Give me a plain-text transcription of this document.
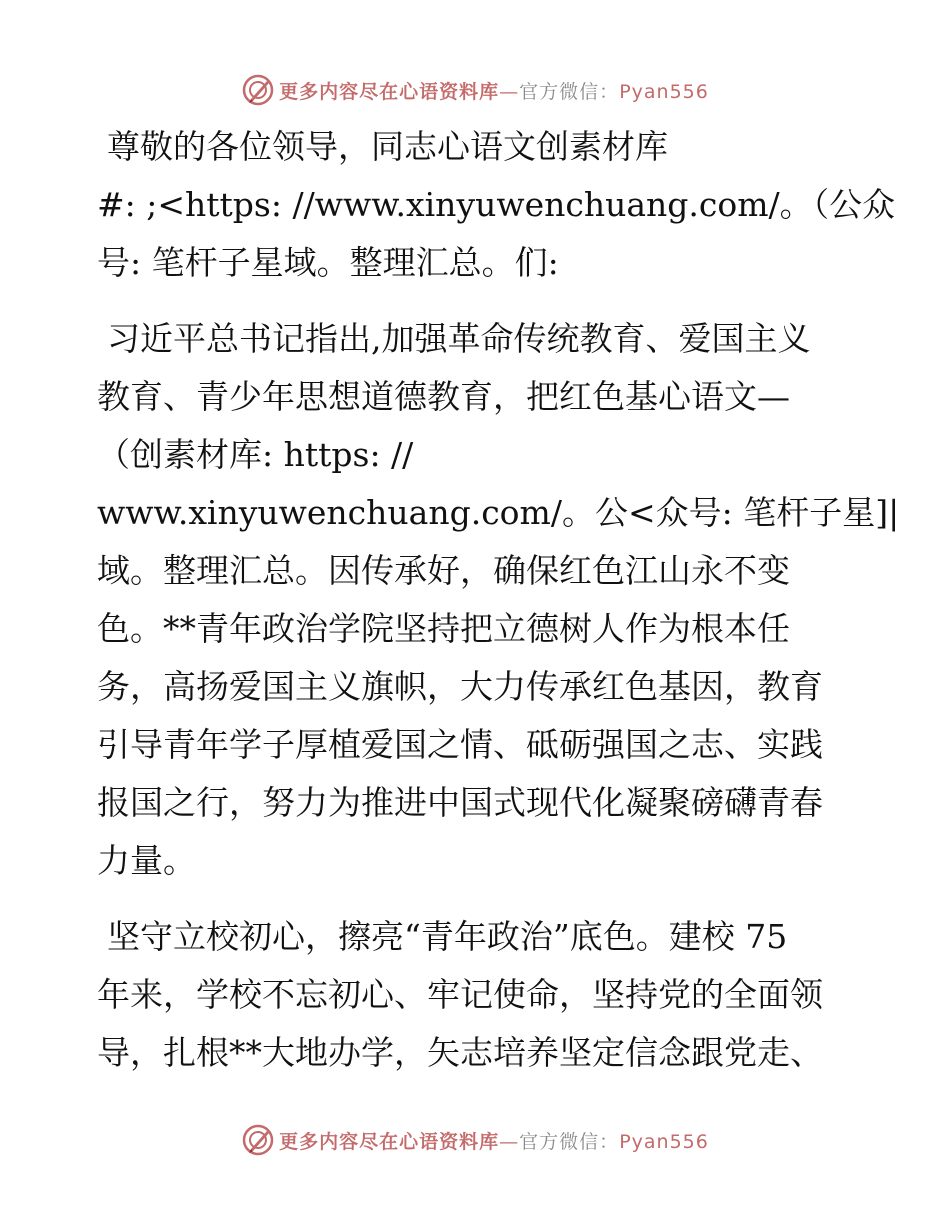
更多内容尽在心语资料库—官方微信：Pyan556
尊敬的各位领导，同志心语文创素材库
#: ;<https: //www.xinyuwenchuang.com/。（公众
号: 笔杆子星域。整理汇总。们:
习近平总书记指出,加强革命传统教育、爱国主义
教育、青少年思想道德教育，把红色基心语文—
（创素材库: https: //
www.xinyuwenchuang.com/。公<众号: 笔杆子星]|
域。整理汇总。因传承好，确保红色江山永不变
色。**青年政治学院坚持把立德树人作为根本任
务，高扬爱国主义旗帜，大力传承红色基因，教育
引导青年学子厚植爱国之情、砥砺强国之志、实践
报国之行，努力为推进中国式现代化凝聚磅礴青春
力量。
坚守立校初心，擦亮“青年政治”底色。建校 75
年来，学校不忘初心、牢记使命，坚持党的全面领
导，扎根**大地办学，矢志培养坚定信念跟党走、
更多内容尽在心语资料库—官方微信：Pyan556
